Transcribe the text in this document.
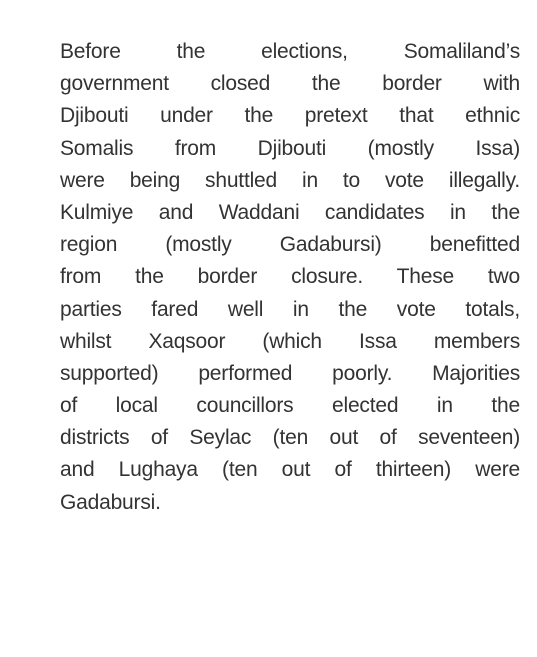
Before the elections, Somaliland’s
government closed the border with
Djibouti under the pretext that ethnic
Somalis from Djibouti (mostly Issa)
were being shuttled in to vote illegally.
Kulmiye and Waddani candidates in the
region (mostly Gadabursi) benefitted
from the border closure. These two
parties fared well in the vote totals,
whilst Xaqsoor (which Issa members
supported) performed poorly. Majorities
of local councillors elected in the
districts of Seylac (ten out of seventeen)
and Lughaya (ten out of thirteen) were
Gadabursi.
